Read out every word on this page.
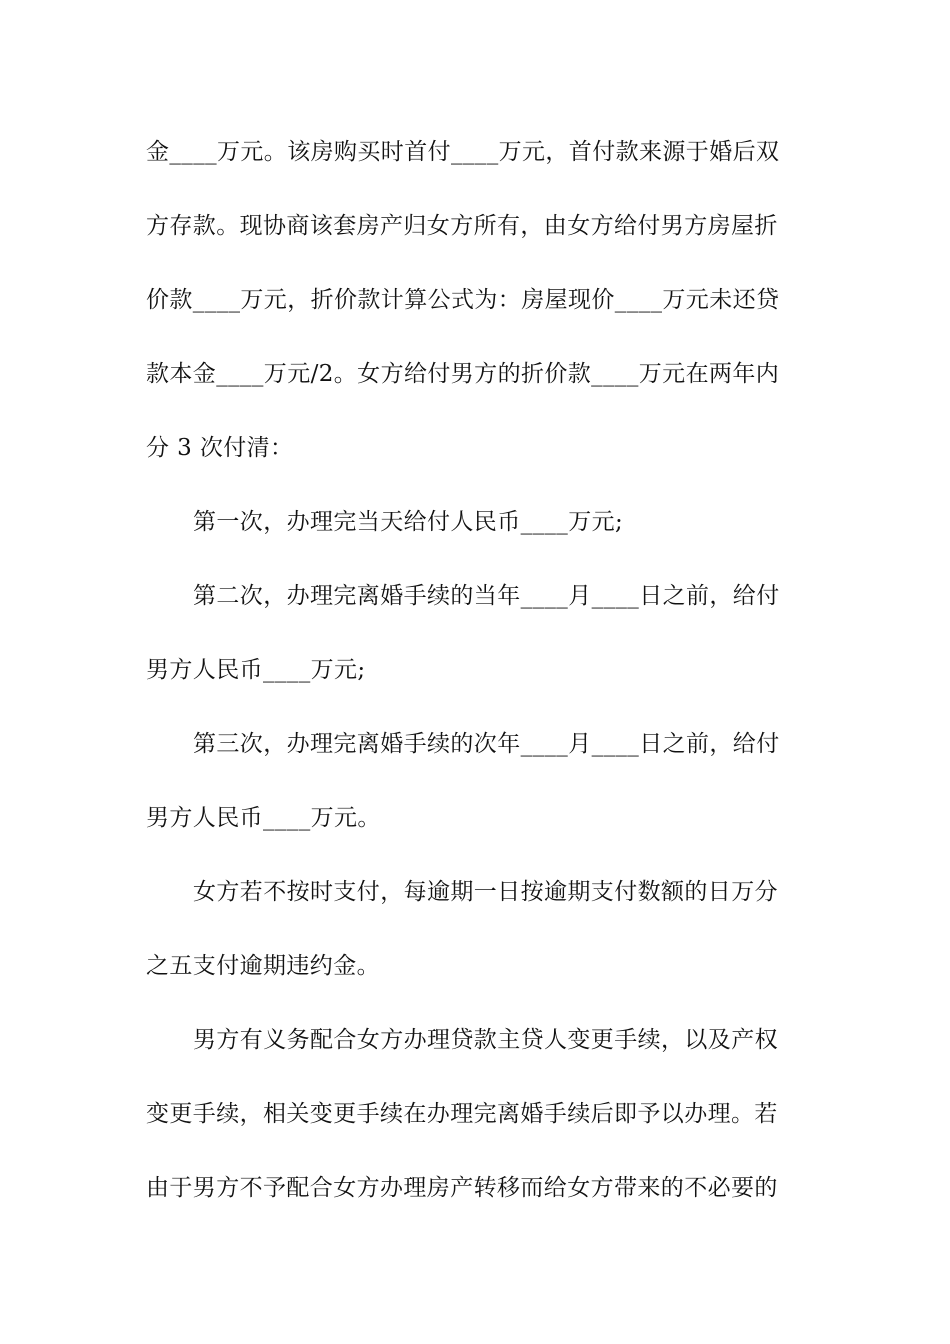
金____万元。该房购买时首付____万元，首付款来源于婚后双
方存款。现协商该套房产归女方所有，由女方给付男方房屋折
价款____万元，折价款计算公式为：房屋现价____万元未还贷
款本金____万元/2。女方给付男方的折价款____万元在两年内
分 3 次付清：
第一次，办理完当天给付人民币____万元;
第二次，办理完离婚手续的当年____月____日之前，给付
男方人民币____万元;
第三次，办理完离婚手续的次年____月____日之前，给付
男方人民币____万元。
女方若不按时支付，每逾期一日按逾期支付数额的日万分
之五支付逾期违约金。
男方有义务配合女方办理贷款主贷人变更手续，以及产权
变更手续，相关变更手续在办理完离婚手续后即予以办理。若
由于男方不予配合女方办理房产转移而给女方带来的不必要的
